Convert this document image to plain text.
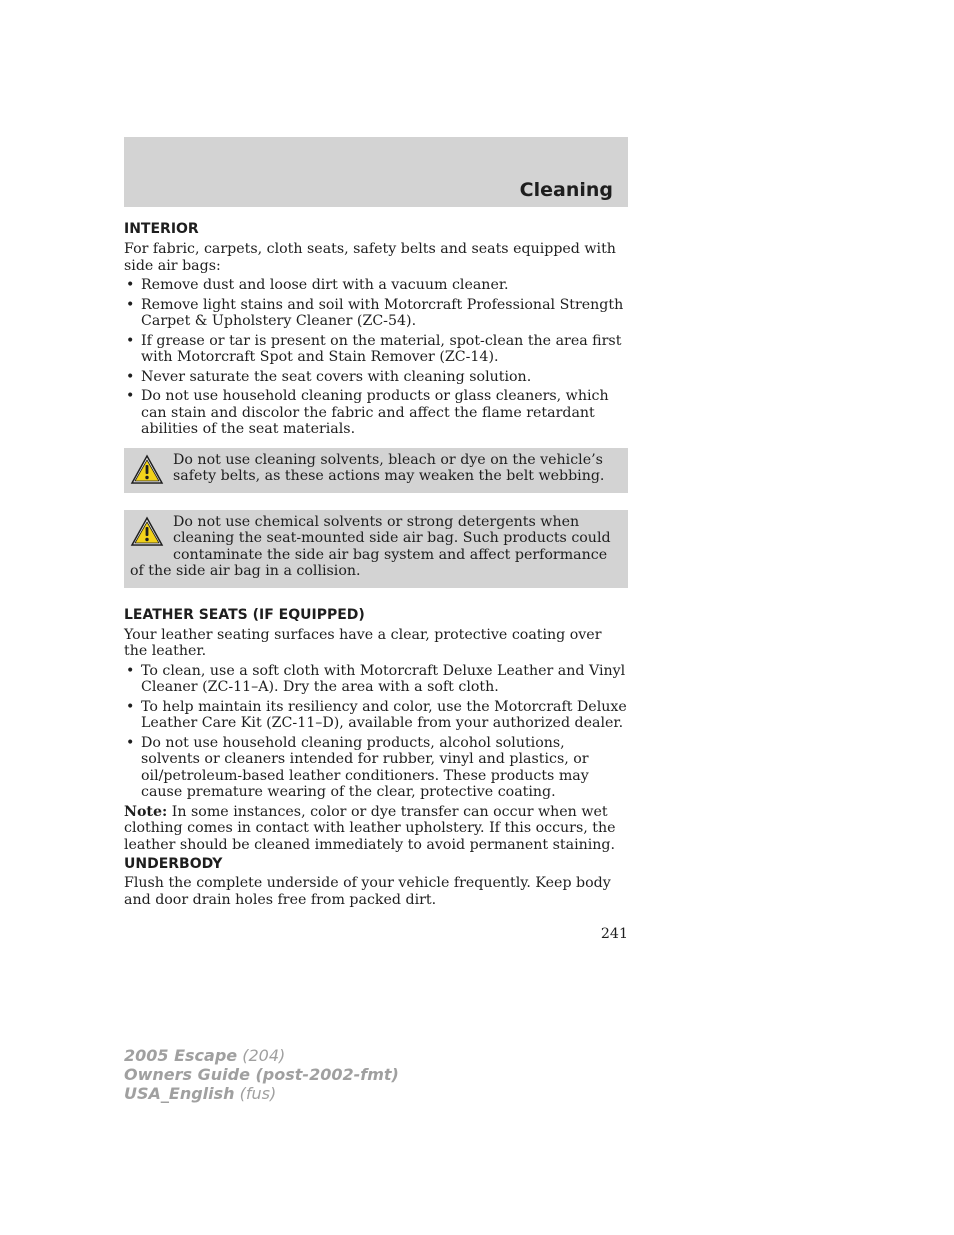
Cleaning
INTERIOR

For fabric, carpets, cloth seats, safety belts and seats equipped with side air bags:

• Remove dust and loose dirt with a vacuum cleaner.
• Remove light stains and soil with Motorcraft Professional Strength Carpet & Upholstery Cleaner (ZC-54).
• If grease or tar is present on the material, spot-clean the area first with Motorcraft Spot and Stain Remover (ZC-14).
• Never saturate the seat covers with cleaning solution.
• Do not use household cleaning products or glass cleaners, which can stain and discolor the fabric and affect the flame retardant abilities of the seat materials.

Do not use cleaning solvents, bleach or dye on the vehicle’s safety belts, as these actions may weaken the belt webbing.

Do not use chemical solvents or strong detergents when cleaning the seat-mounted side air bag. Such products could contaminate the side air bag system and affect performance of the side air bag in a collision.

LEATHER SEATS (IF EQUIPPED)

Your leather seating surfaces have a clear, protective coating over the leather.

• To clean, use a soft cloth with Motorcraft Deluxe Leather and Vinyl Cleaner (ZC-11–A). Dry the area with a soft cloth.
• To help maintain its resiliency and color, use the Motorcraft Deluxe Leather Care Kit (ZC-11–D), available from your authorized dealer.
• Do not use household cleaning products, alcohol solutions, solvents or cleaners intended for rubber, vinyl and plastics, or oil/petroleum-based leather conditioners. These products may cause premature wearing of the clear, protective coating.

Note: In some instances, color or dye transfer can occur when wet clothing comes in contact with leather upholstery. If this occurs, the leather should be cleaned immediately to avoid permanent staining.

UNDERBODY

Flush the complete underside of your vehicle frequently. Keep body and door drain holes free from packed dirt.

241
2005 Escape (204)
Owners Guide (post-2002-fmt)
USA_English (fus)
